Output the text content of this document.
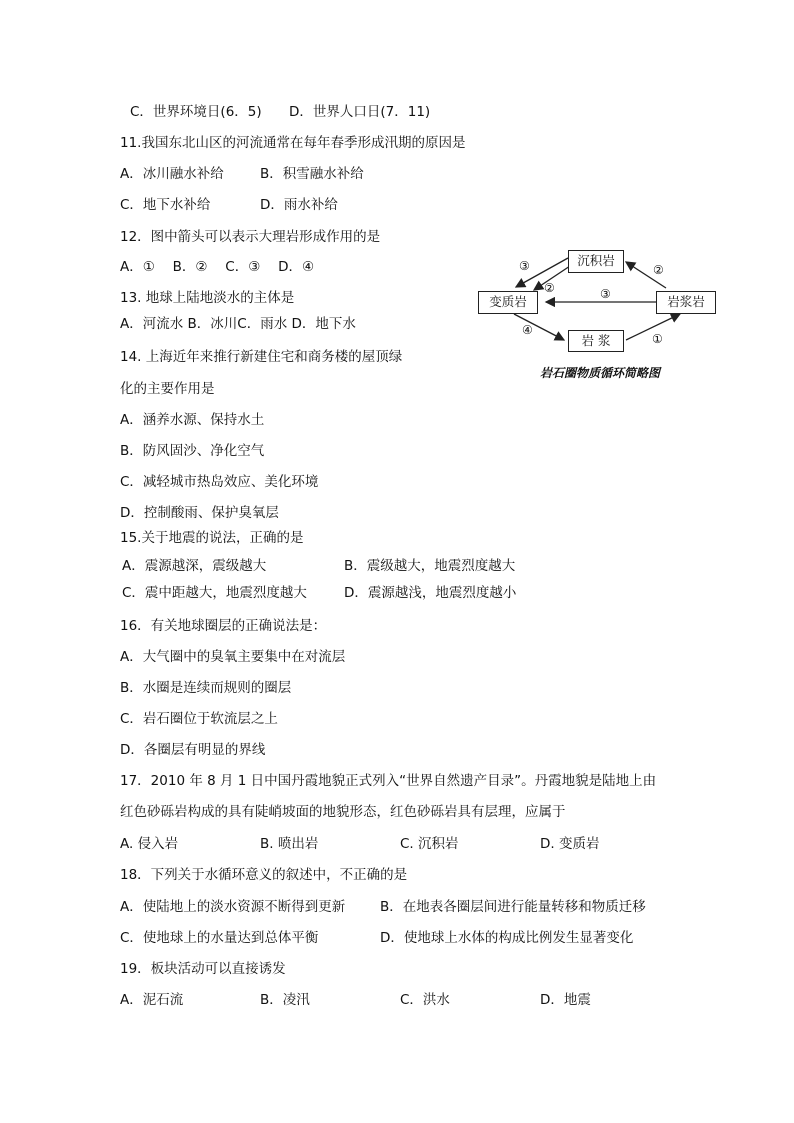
C．世界环境日(6．5) D．世界人口日(7．11)
11.我国东北山区的河流通常在每年春季形成汛期的原因是
A．冰川融水补给	B．积雪融水补给
C．地下水补给	D．雨水补给
12．图中箭头可以表示大理岩形成作用的是
A．①　 B．②　 C．③　 D．④
13. 地球上陆地淡水的主体是
A．河流水 B．冰川C．雨水 D．地下水
14. 上海近年来推行新建住宅和商务楼的屋顶绿
化的主要作用是
A．涵养水源、保持水土
B．防风固沙、净化空气
C．减轻城市热岛效应、美化环境
D．控制酸雨、保护臭氧层
15.关于地震的说法，正确的是
A．震源越深，震级越大	B．震级越大，地震烈度越大
C．震中距越大，地震烈度越大	D．震源越浅，地震烈度越小
16．有关地球圈层的正确说法是：
A．大气圈中的臭氧主要集中在对流层
B．水圈是连续而规则的圈层
C．岩石圈位于软流层之上
D．各圈层有明显的界线
17．2010 年 8 月 1 日中国丹霞地貌正式列入“世界自然遗产目录”。丹霞地貌是陆地上由
红色砂砾岩构成的具有陡峭坡面的地貌形态，红色砂砾岩具有层理，应属于
A. 侵入岩	B. 喷出岩	C. 沉积岩	D. 变质岩
18．下列关于水循环意义的叙述中，不正确的是
A．使陆地上的淡水资源不断得到更新	B．在地表各圈层间进行能量转移和物质迁移
C．使地球上的水量达到总体平衡	D．使地球上水体的构成比例发生显著变化
19．板块活动可以直接诱发
A．泥石流	B．凌汛	C．洪水	D．地震
沉积岩
变质岩	岩浆岩
岩 浆
③	②
②	③
④
①
岩石圈物质循环简略图
